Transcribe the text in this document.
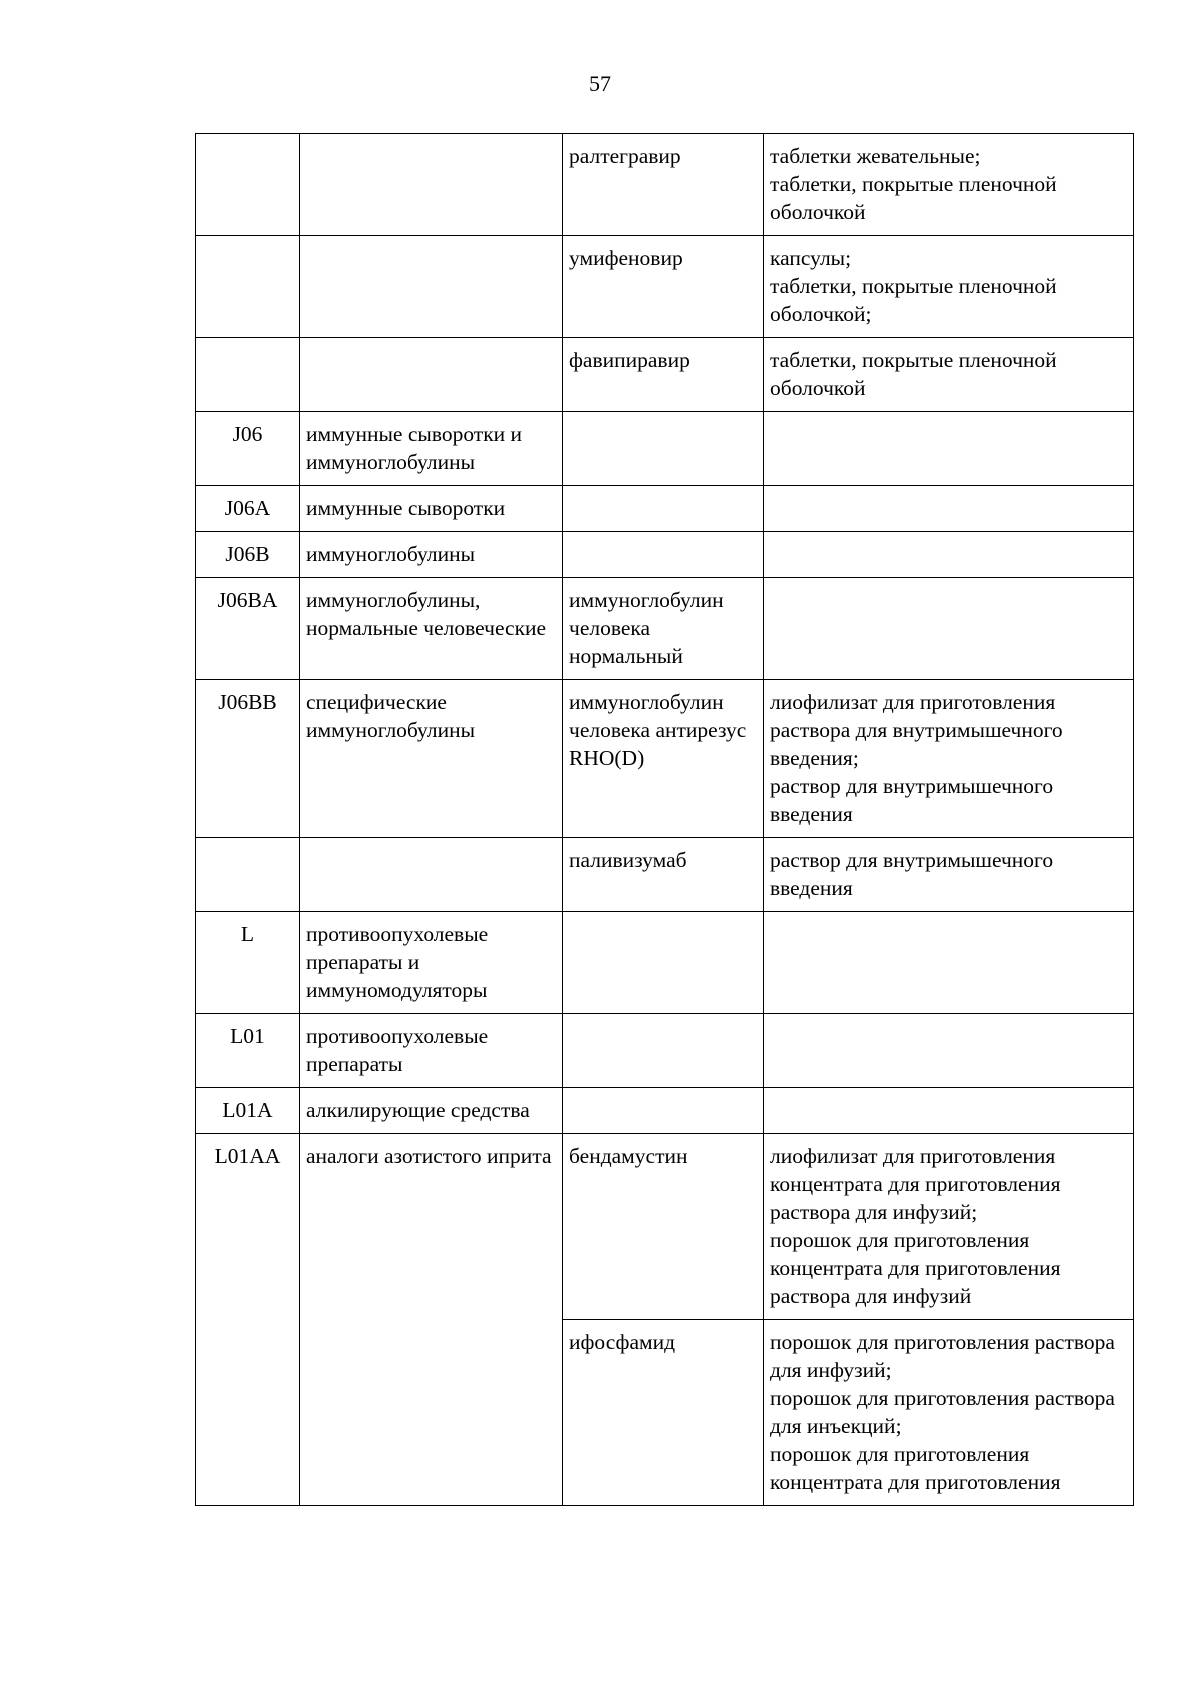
57
		ралтегравир	таблетки жевательные;
таблетки, покрытые пленочной оболочкой
		умифеновир	капсулы;
таблетки, покрытые пленочной оболочкой;
		фавипиравир	таблетки, покрытые пленочной оболочкой
J06	иммунные сыворотки и иммуноглобулины		
J06A	иммунные сыворотки		
J06B	иммуноглобулины		
J06BA	иммуноглобулины, нормальные человеческие	иммуноглобулин человека нормальный	
J06BB	специфические иммуноглобулины	иммуноглобулин человека антирезус RHO(D)	лиофилизат для приготовления раствора для внутримышечного введения;
раствор для внутримышечного введения
		паливизумаб	раствор для внутримышечного введения
L	противоопухолевые препараты и иммуномодуляторы		
L01	противоопухолевые препараты		
L01A	алкилирующие средства		
L01AA	аналоги азотистого иприта	бендамустин	лиофилизат для приготовления концентрата для приготовления раствора для инфузий;
порошок для приготовления концентрата для приготовления раствора для инфузий
		ифосфамид	порошок для приготовления раствора для инфузий;
порошок для приготовления раствора для инъекций;
порошок для приготовления концентрата для приготовления
